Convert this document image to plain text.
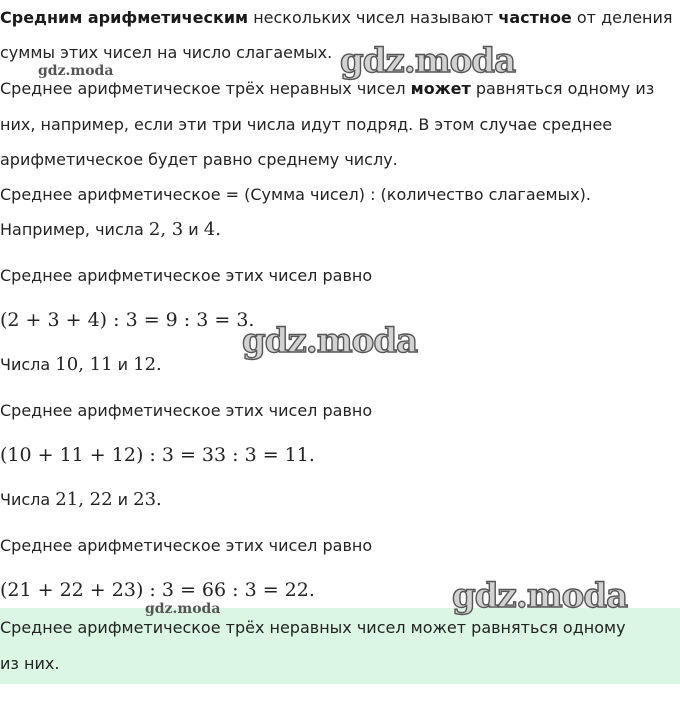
Средним арифметическим нескольких чисел называют частное от деления
суммы этих чисел на число слагаемых.
Среднее арифметическое трёх неравных чисел может равняться одному из
них, например, если эти три числа идут подряд. В этом случае среднее
арифметическое будет равно среднему числу.
Среднее арифметическое = (Сумма чисел) : (количество слагаемых).
Например, числа 2, 3 и 4.
Среднее арифметическое этих чисел равно
(2 + 3 + 4) : 3 = 9 : 3 = 3.
Числа 10, 11 и 12.
Среднее арифметическое этих чисел равно
(10 + 11 + 12) : 3 = 33 : 3 = 11.
Числа 21, 22 и 23.
Среднее арифметическое этих чисел равно
(21 + 22 + 23) : 3 = 66 : 3 = 22.
Среднее арифметическое трёх неравных чисел может равняться одному
из них.
gdz.moda
gdz.moda
gdz.moda
gdz.moda
gdz.moda
